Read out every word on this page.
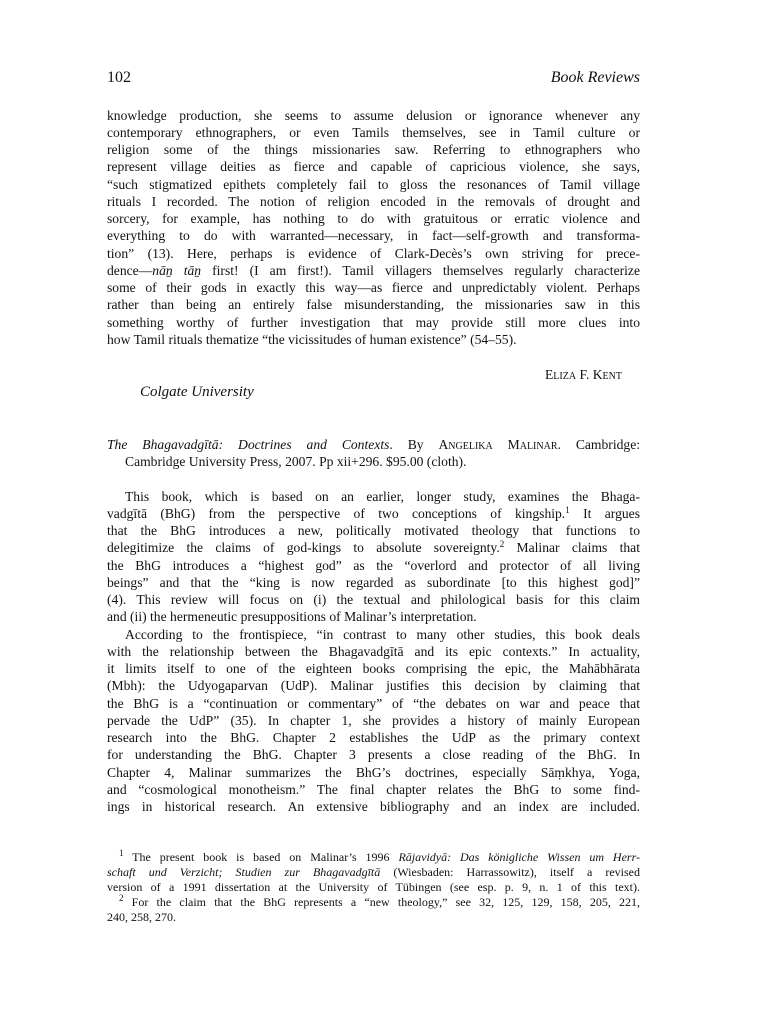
102	Book Reviews
knowledge production, she seems to assume delusion or ignorance whenever any
contemporary ethnographers, or even Tamils themselves, see in Tamil culture or
religion some of the things missionaries saw. Referring to ethnographers who
represent village deities as fierce and capable of capricious violence, she says,
“such stigmatized epithets completely fail to gloss the resonances of Tamil village
rituals I recorded. The notion of religion encoded in the removals of drought and
sorcery, for example, has nothing to do with gratuitous or erratic violence and
everything to do with warranted—necessary, in fact—self-growth and transforma-
tion” (13). Here, perhaps is evidence of Clark-Decès’s own striving for prece-
dence—nāṉ tāṉ first! (I am first!). Tamil villagers themselves regularly characterize
some of their gods in exactly this way—as fierce and unpredictably violent. Perhaps
rather than being an entirely false misunderstanding, the missionaries saw in this
something worthy of further investigation that may provide still more clues into
how Tamil rituals thematize “the vicissitudes of human existence” (54–55).
Eliza F. Kent
Colgate University
The Bhagavadgītā: Doctrines and Contexts. By Angelika Malinar. Cambridge:
Cambridge University Press, 2007. Pp xii+296. $95.00 (cloth).
This book, which is based on an earlier, longer study, examines the Bhaga-
vadgītā (BhG) from the perspective of two conceptions of kingship.$^1$ It argues
that the BhG introduces a new, politically motivated theology that functions to
delegitimize the claims of god-kings to absolute sovereignty.$^2$ Malinar claims that
the BhG introduces a “highest god” as the “overlord and protector of all living
beings” and that the “king is now regarded as subordinate [to this highest god]”
(4). This review will focus on (i) the textual and philological basis for this claim
and (ii) the hermeneutic presuppositions of Malinar’s interpretation.
According to the frontispiece, “in contrast to many other studies, this book deals
with the relationship between the Bhagavadgītā and its epic contexts.” In actuality,
it limits itself to one of the eighteen books comprising the epic, the Mahābhārata
(Mbh): the Udyogaparvan (UdP). Malinar justifies this decision by claiming that
the BhG is a “continuation or commentary” of “the debates on war and peace that
pervade the UdP” (35). In chapter 1, she provides a history of mainly European
research into the BhG. Chapter 2 establishes the UdP as the primary context
for understanding the BhG. Chapter 3 presents a close reading of the BhG. In
Chapter 4, Malinar summarizes the BhG’s doctrines, especially Sāṃkhya, Yoga,
and “cosmological monotheism.” The final chapter relates the BhG to some find-
ings in historical research. An extensive bibliography and an index are included.
$^1$ The present book is based on Malinar’s 1996 Rājavidyā: Das königliche Wissen um Herr-
schaft und Verzicht; Studien zur Bhagavadgītā (Wiesbaden: Harrassowitz), itself a revised
version of a 1991 dissertation at the University of Tübingen (see esp. p. 9, n. 1 of this text).
$^2$ For the claim that the BhG represents a “new theology,” see 32, 125, 129, 158, 205, 221,
240, 258, 270.
